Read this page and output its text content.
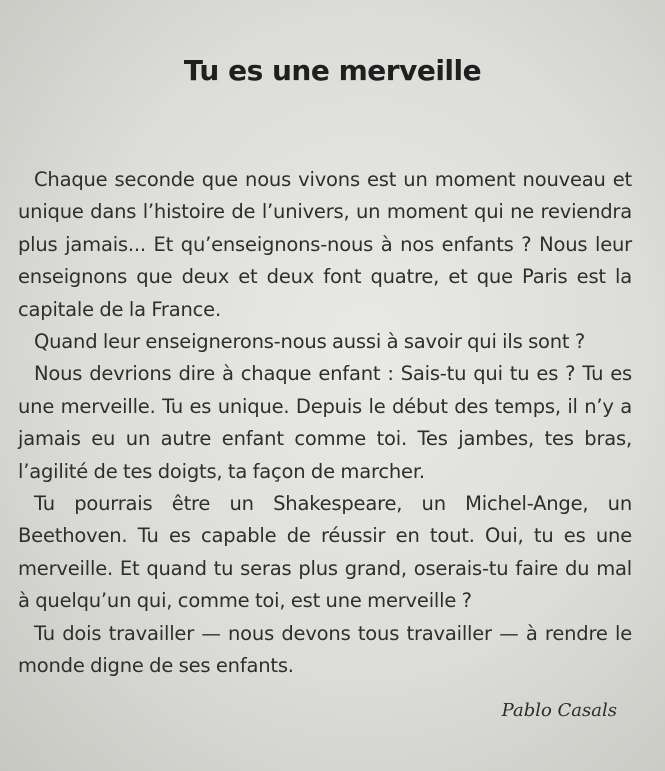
Tu es une merveille

Chaque seconde que nous vivons est un moment nouveau et unique dans l’histoire de l’univers, un moment qui ne reviendra plus jamais... Et qu’enseignons-nous à nos enfants ? Nous leur enseignons que deux et deux font quatre, et que Paris est la capitale de la France.

Quand leur enseignerons-nous aussi à savoir qui ils sont ?

Nous devrions dire à chaque enfant : Sais-tu qui tu es ? Tu es une merveille. Tu es unique. Depuis le début des temps, il n’y a jamais eu un autre enfant comme toi. Tes jambes, tes bras, l’agilité de tes doigts, ta façon de marcher.

Tu pourrais être un Shakespeare, un Michel-Ange, un Beethoven. Tu es capable de réussir en tout. Oui, tu es une merveille. Et quand tu seras plus grand, oserais-tu faire du mal à quelqu’un qui, comme toi, est une merveille ?

Tu dois travailler — nous devons tous travailler — à rendre le monde digne de ses enfants.

Pablo Casals
